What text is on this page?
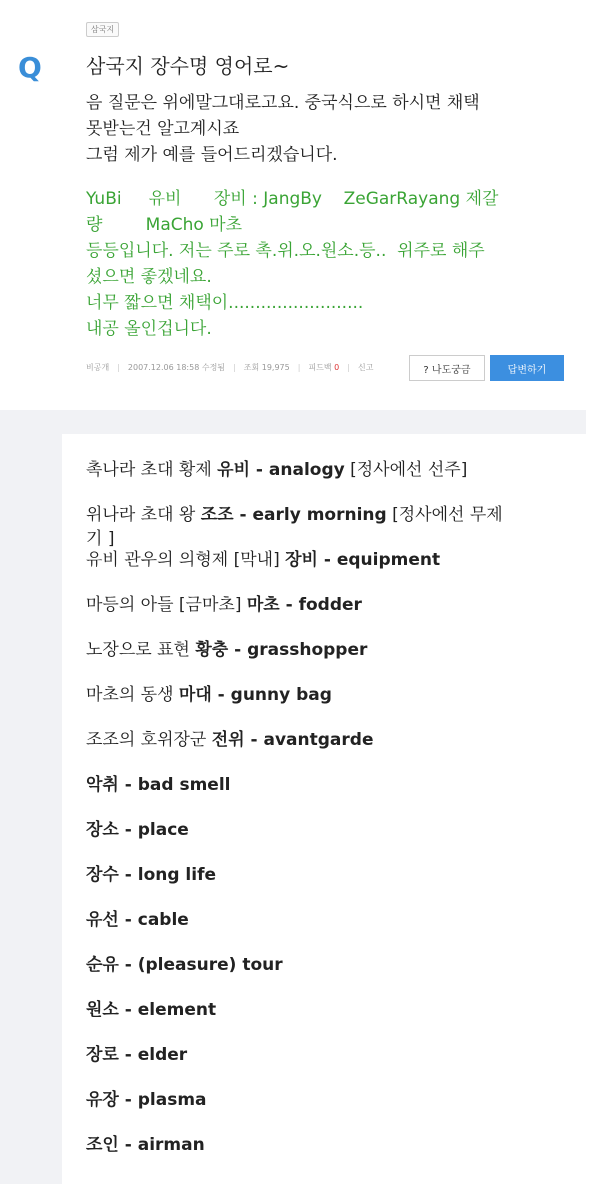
삼국지
Q	삼국지 장수명 영어로~

음 질문은 위에말그대로고요. 중국식으로 하시면 채택

못받는건 알고계시죠

그럼 제가 예를 들어드리겠습니다.

YuBi     유비      장비 : JangBy    ZeGarRayang 제갈

량        MaCho 마초

등등입니다. 저는 주로 촉.위.오.원소.등..  위주로 해주

셨으면 좋겠네요.

너무 짧으면 채택이.........................

내공 올인겁니다.

비공개 | 2007.12.06 18:58 수정됨 | 조회 19,975 | 피드백 0 | 신고	? 나도궁금	답변하기
촉나라 초대 황제 유비 - analogy [정사에선 선주]
위나라 초대 왕 조조 - early morning [정사에선 무제
기 ]
유비 관우의 의형제 [막내] 장비 - equipment
마등의 아들 [금마초] 마초 - fodder
노장으로 표현 황충 - grasshopper
마초의 동생 마대 - gunny bag
조조의 호위장군 전위 - avantgarde
악취 - bad smell
장소 - place
장수 - long life
유선 - cable
순유 - (pleasure) tour
원소 - element
장로 - elder
유장 - plasma
조인 - airman
